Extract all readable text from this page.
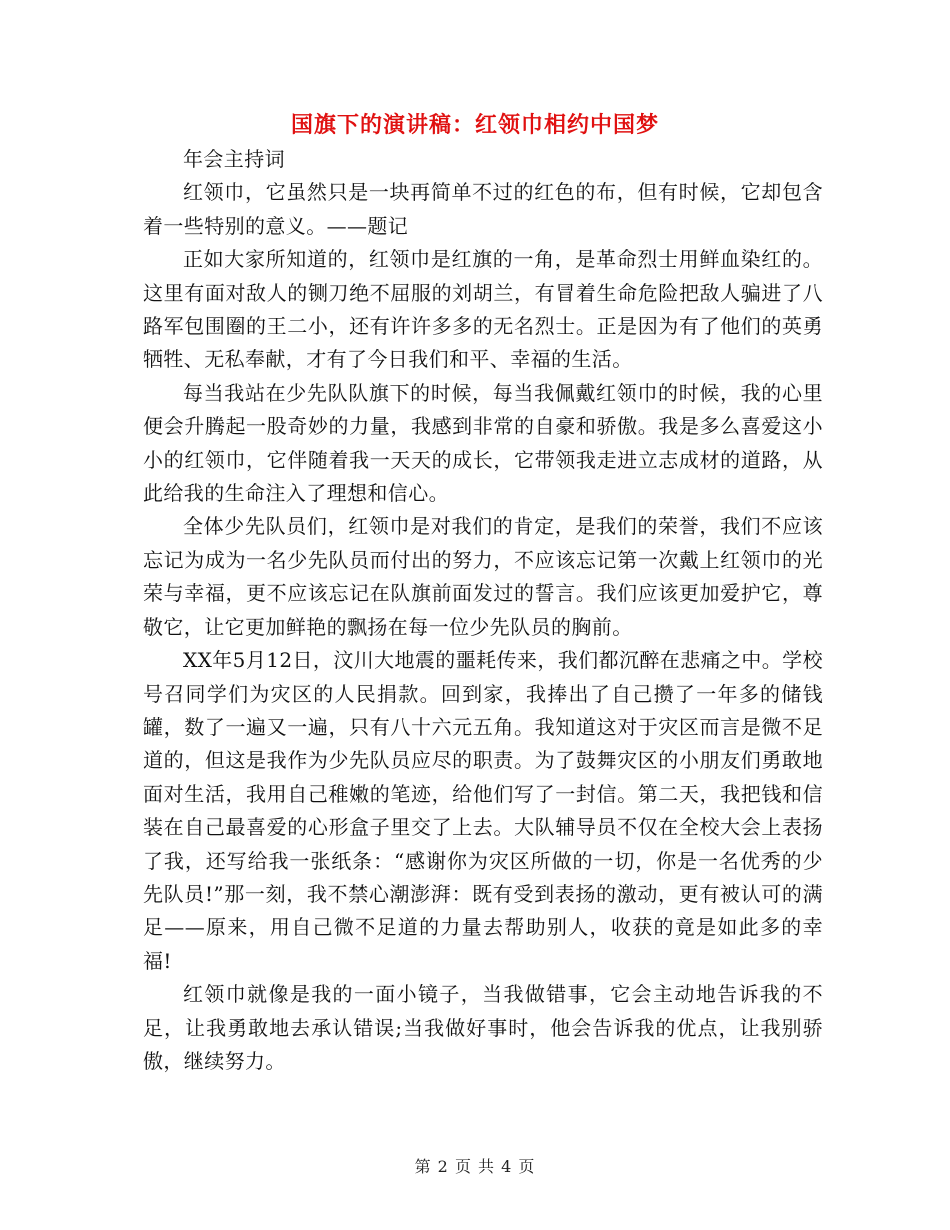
国旗下的演讲稿：红领巾相约中国梦

年会主持词

红领巾，它虽然只是一块再简单不过的红色的布，但有时候，它却包含着一些特别的意义。——题记

正如大家所知道的，红领巾是红旗的一角，是革命烈士用鲜血染红的。这里有面对敌人的铡刀绝不屈服的刘胡兰，有冒着生命危险把敌人骗进了八路军包围圈的王二小，还有许许多多的无名烈士。正是因为有了他们的英勇牺牲、无私奉献，才有了今日我们和平、幸福的生活。

每当我站在少先队队旗下的时候，每当我佩戴红领巾的时候，我的心里便会升腾起一股奇妙的力量，我感到非常的自豪和骄傲。我是多么喜爱这小小的红领巾，它伴随着我一天天的成长，它带领我走进立志成材的道路，从此给我的生命注入了理想和信心。

全体少先队员们，红领巾是对我们的肯定，是我们的荣誉，我们不应该忘记为成为一名少先队员而付出的努力，不应该忘记第一次戴上红领巾的光荣与幸福，更不应该忘记在队旗前面发过的誓言。我们应该更加爱护它，尊敬它，让它更加鲜艳的飘扬在每一位少先队员的胸前。

XX年5月12日，汶川大地震的噩耗传来，我们都沉醉在悲痛之中。学校号召同学们为灾区的人民捐款。回到家，我捧出了自己攒了一年多的储钱罐，数了一遍又一遍，只有八十六元五角。我知道这对于灾区而言是微不足道的，但这是我作为少先队员应尽的职责。为了鼓舞灾区的小朋友们勇敢地面对生活，我用自己稚嫩的笔迹，给他们写了一封信。第二天，我把钱和信装在自己最喜爱的心形盒子里交了上去。大队辅导员不仅在全校大会上表扬了我，还写给我一张纸条：“感谢你为灾区所做的一切，你是一名优秀的少先队员!”那一刻，我不禁心潮澎湃：既有受到表扬的激动，更有被认可的满足——原来，用自己微不足道的力量去帮助别人，收获的竟是如此多的幸福!

红领巾就像是我的一面小镜子，当我做错事，它会主动地告诉我的不足，让我勇敢地去承认错误;当我做好事时，他会告诉我的优点，让我别骄傲，继续努力。

第 2 页 共 4 页
